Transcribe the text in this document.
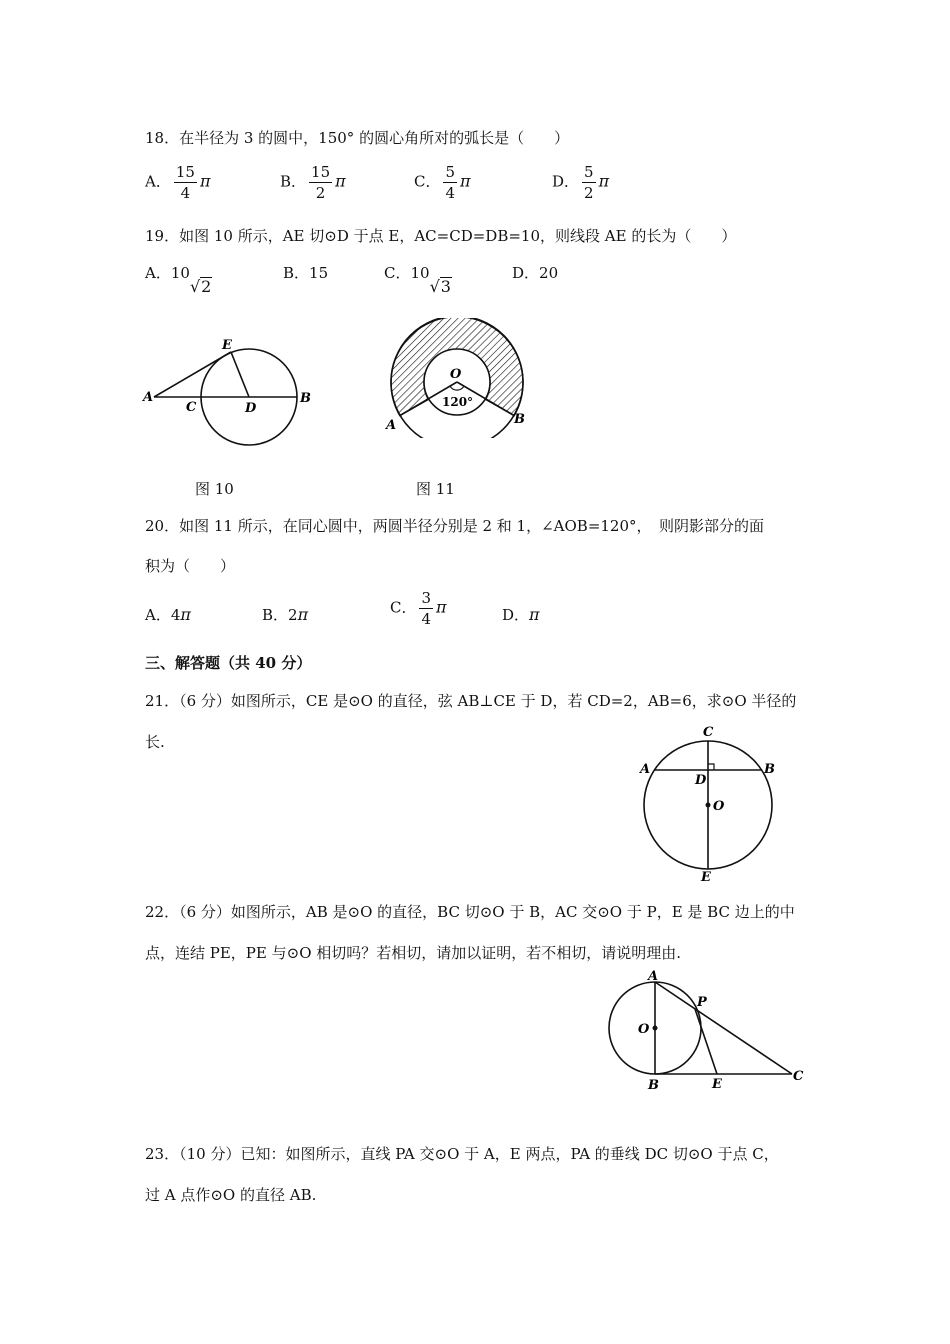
18．在半径为 3 的圆中，150° 的圆心角所对的弧长是（　　）
A． $\frac{15}{4}$ π	B． $\frac{15}{2}$ π	C． $\frac{5}{4}$ π	D． $\frac{5}{2}$ π
19．如图 10 所示，AE 切⊙D 于点 E，AC=CD=DB=10，则线段 AE 的长为（　　）
A．10√2
B．15	C．10√3
D．20
A
C	D
E
B
图 10
O
120°
A	B
图 11
20．如图 11 所示，在同心圆中，两圆半径分别是 2 和 1，∠AOB=120°，　则阴影部分的面
积为（　　）
A．4π	B．2π	C． $\frac{3}{4}$ π	D．π
三、解答题（共 40 分）
21．（6 分）如图所示，CE 是⊙O 的直径，弦 AB⊥CE 于 D，若 CD=2，AB=6，求⊙O 半径的
长.
C
A	B
D
O
E
22．（6 分）如图所示，AB 是⊙O 的直径，BC 切⊙O 于 B，AC 交⊙O 于 P，E 是 BC 边上的中
点，连结 PE，PE 与⊙O 相切吗？若相切，请加以证明，若不相切，请说明理由.
A
O
P
B	E
C
23．（10 分）已知：如图所示，直线 PA 交⊙O 于 A，E 两点，PA 的垂线 DC 切⊙O 于点 C，
过 A 点作⊙O 的直径 AB.
